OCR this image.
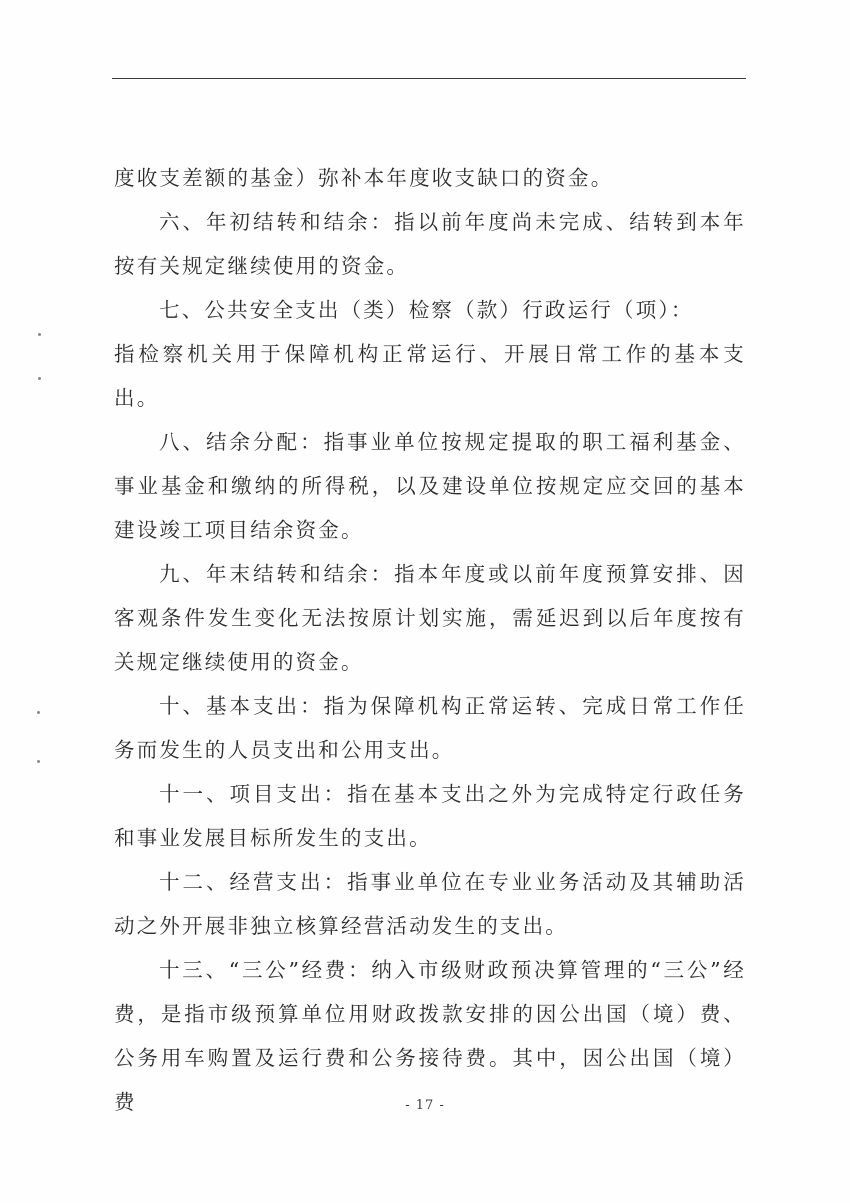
度收支差额的基金）弥补本年度收支缺口的资金。

六、年初结转和结余：指以前年度尚未完成、结转到本年按有关规定继续使用的资金。

七、公共安全支出（类）检察（款）行政运行（项）：

指检察机关用于保障机构正常运行、开展日常工作的基本支出。

八、结余分配：指事业单位按规定提取的职工福利基金、事业基金和缴纳的所得税，以及建设单位按规定应交回的基本建设竣工项目结余资金。

九、年末结转和结余：指本年度或以前年度预算安排、因客观条件发生变化无法按原计划实施，需延迟到以后年度按有关规定继续使用的资金。

十、基本支出：指为保障机构正常运转、完成日常工作任务而发生的人员支出和公用支出。

十一、项目支出：指在基本支出之外为完成特定行政任务和事业发展目标所发生的支出。

十二、经营支出：指事业单位在专业业务活动及其辅助活动之外开展非独立核算经营活动发生的支出。

十三、“三公”经费：纳入市级财政预决算管理的“三公”经费，是指市级预算单位用财政拨款安排的因公出国（境）费、公务用车购置及运行费和公务接待费。其中，因公出国（境）费	- 17 -
